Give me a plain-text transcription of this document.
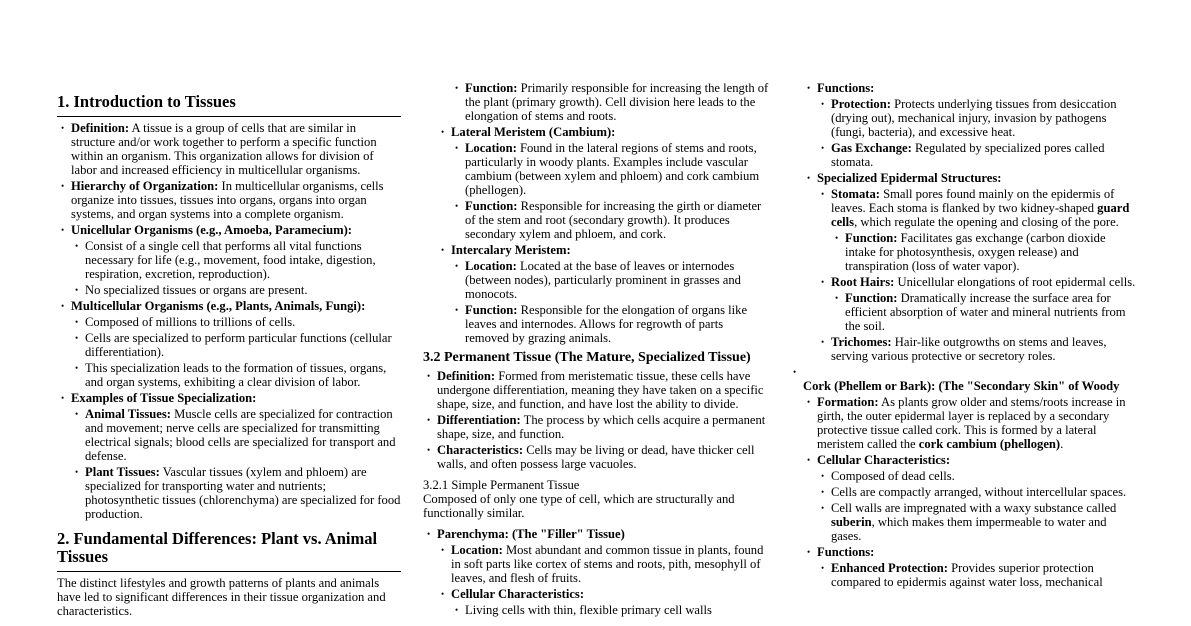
1. Introduction to Tissues
• Definition: A tissue is a group of cells that are similar in structure and/or work together to perform a specific function within an organism. This organization allows for division of labor and increased efficiency in multicellular organisms.
• Hierarchy of Organization: In multicellular organisms, cells organize into tissues, tissues into organs, organs into organ systems, and organ systems into a complete organism.
• Unicellular Organisms (e.g., Amoeba, Paramecium):
• Consist of a single cell that performs all vital functions necessary for life (e.g., movement, food intake, digestion, respiration, excretion, reproduction).
• No specialized tissues or organs are present.
• Multicellular Organisms (e.g., Plants, Animals, Fungi):
• Composed of millions to trillions of cells.
• Cells are specialized to perform particular functions (cellular differentiation).
• This specialization leads to the formation of tissues, organs, and organ systems, exhibiting a clear division of labor.
• Examples of Tissue Specialization:
• Animal Tissues: Muscle cells are specialized for contraction and movement; nerve cells are specialized for transmitting electrical signals; blood cells are specialized for transport and defense.
• Plant Tissues: Vascular tissues (xylem and phloem) are specialized for transporting water and nutrients; photosynthetic tissues (chlorenchyma) are specialized for food production.
2. Fundamental Differences: Plant vs. Animal Tissues

The distinct lifestyles and growth patterns of plants and animals have led to significant differences in their tissue organization and characteristics.

• Function: Primarily responsible for increasing the length of the plant (primary growth). Cell division here leads to the elongation of stems and roots.
• Lateral Meristem (Cambium):
• Location: Found in the lateral regions of stems and roots, particularly in woody plants. Examples include vascular cambium (between xylem and phloem) and cork cambium (phellogen).
• Function: Responsible for increasing the girth or diameter of the stem and root (secondary growth). It produces secondary xylem and phloem, and cork.
• Intercalary Meristem:
• Location: Located at the base of leaves or internodes (between nodes), particularly prominent in grasses and monocots.
• Function: Responsible for the elongation of organs like leaves and internodes. Allows for regrowth of parts removed by grazing animals.
3.2 Permanent Tissue (The Mature, Specialized Tissue)
• Definition: Formed from meristematic tissue, these cells have undergone differentiation, meaning they have taken on a specific shape, size, and function, and have lost the ability to divide.
• Differentiation: The process by which cells acquire a permanent shape, size, and function.
• Characteristics: Cells may be living or dead, have thicker cell walls, and often possess large vacuoles.

3.2.1 Simple Permanent Tissue

Composed of only one type of cell, which are structurally and functionally similar.

• Parenchyma: (The "Filler" Tissue)
• Location: Most abundant and common tissue in plants, found in soft parts like cortex of stems and roots, pith, mesophyll of leaves, and flesh of fruits.
• Cellular Characteristics:
• Living cells with thin, flexible primary cell walls
• Functions:
• Protection: Protects underlying tissues from desiccation (drying out), mechanical injury, invasion by pathogens (fungi, bacteria), and excessive heat.
• Gas Exchange: Regulated by specialized pores called stomata.
• Specialized Epidermal Structures:
• Stomata: Small pores found mainly on the epidermis of leaves. Each stoma is flanked by two kidney-shaped guard cells, which regulate the opening and closing of the pore.
• Function: Facilitates gas exchange (carbon dioxide intake for photosynthesis, oxygen release) and transpiration (loss of water vapor).
• Root Hairs: Unicellular elongations of root epidermal cells.
• Function: Dramatically increase the surface area for efficient absorption of water and mineral nutrients from the soil.
• Trichomes: Hair-like outgrowths on stems and leaves, serving various protective or secretory roles.

• Cork (Phellem or Bark): (The "Secondary Skin" of Woody
• Formation: As plants grow older and stems/roots increase in girth, the outer epidermal layer is replaced by a secondary protective tissue called cork. This is formed by a lateral meristem called the cork cambium (phellogen).
• Cellular Characteristics:
• Composed of dead cells.
• Cells are compactly arranged, without intercellular spaces.
• Cell walls are impregnated with a waxy substance called suberin, which makes them impermeable to water and gases.
• Functions:
• Enhanced Protection: Provides superior protection compared to epidermis against water loss, mechanical
